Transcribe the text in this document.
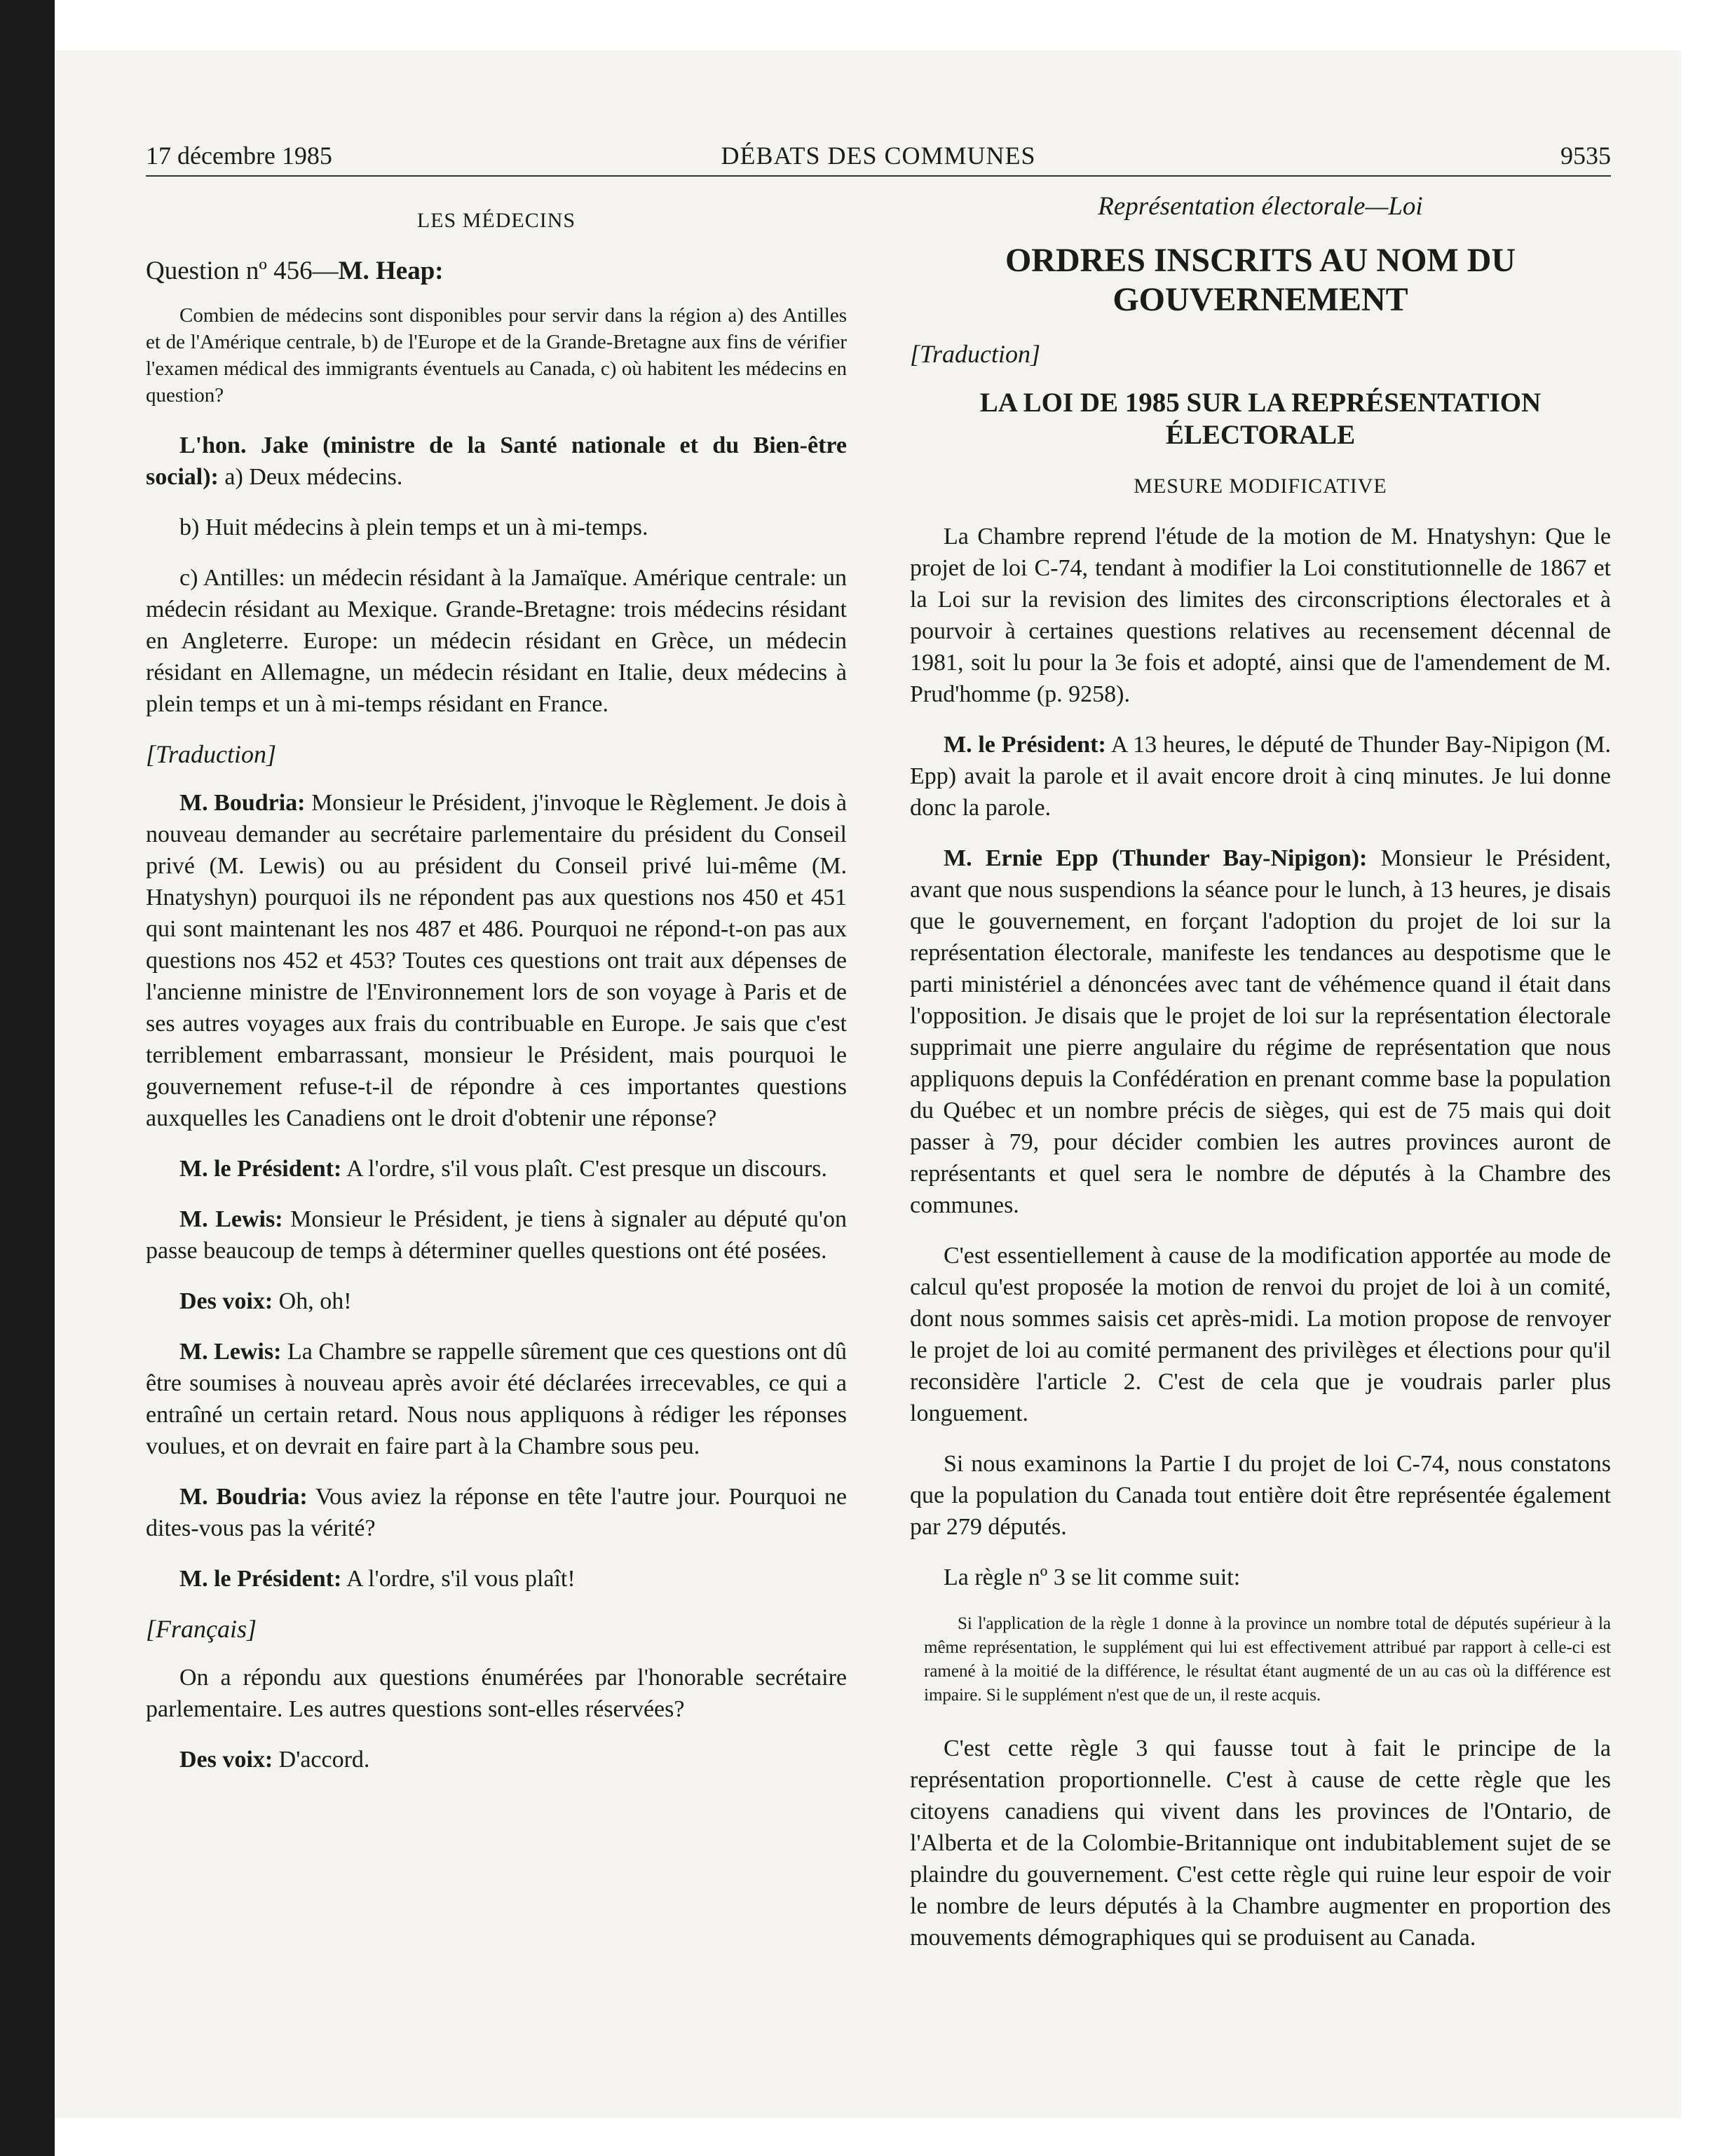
17 décembre 1985	DÉBATS DES COMMUNES	9535

LES MÉDECINS

Question nº 456—M. Heap:

Combien de médecins sont disponibles pour servir dans la région a) des Antilles et de l'Amérique centrale, b) de l'Europe et de la Grande-Bretagne aux fins de vérifier l'examen médical des immigrants éventuels au Canada, c) où habitent les médecins en question?

L'hon. Jake (ministre de la Santé nationale et du Bien-être social): a) Deux médecins.

b) Huit médecins à plein temps et un à mi-temps.

c) Antilles: un médecin résidant à la Jamaïque. Amérique centrale: un médecin résidant au Mexique. Grande-Bretagne: trois médecins résidant en Angleterre. Europe: un médecin résidant en Grèce, un médecin résidant en Allemagne, un médecin résidant en Italie, deux médecins à plein temps et un à mi-temps résidant en France.

[Traduction]

M. Boudria: Monsieur le Président, j'invoque le Règlement. Je dois à nouveau demander au secrétaire parlementaire du président du Conseil privé (M. Lewis) ou au président du Conseil privé lui-même (M. Hnatyshyn) pourquoi ils ne répondent pas aux questions nos 450 et 451 qui sont maintenant les nos 487 et 486. Pourquoi ne répond-t-on pas aux questions nos 452 et 453? Toutes ces questions ont trait aux dépenses de l'ancienne ministre de l'Environnement lors de son voyage à Paris et de ses autres voyages aux frais du contribuable en Europe. Je sais que c'est terriblement embarrassant, monsieur le Président, mais pourquoi le gouvernement refuse-t-il de répondre à ces importantes questions auxquelles les Canadiens ont le droit d'obtenir une réponse?

M. le Président: A l'ordre, s'il vous plaît. C'est presque un discours.

M. Lewis: Monsieur le Président, je tiens à signaler au député qu'on passe beaucoup de temps à déterminer quelles questions ont été posées.

Des voix: Oh, oh!

M. Lewis: La Chambre se rappelle sûrement que ces questions ont dû être soumises à nouveau après avoir été déclarées irrecevables, ce qui a entraîné un certain retard. Nous nous appliquons à rédiger les réponses voulues, et on devrait en faire part à la Chambre sous peu.

M. Boudria: Vous aviez la réponse en tête l'autre jour. Pourquoi ne dites-vous pas la vérité?

M. le Président: A l'ordre, s'il vous plaît!

[Français]

On a répondu aux questions énumérées par l'honorable secrétaire parlementaire. Les autres questions sont-elles réservées?

Des voix: D'accord.

Représentation électorale—Loi

ORDRES INSCRITS AU NOM DU GOUVERNEMENT

[Traduction]

LA LOI DE 1985 SUR LA REPRÉSENTATION ÉLECTORALE

MESURE MODIFICATIVE

La Chambre reprend l'étude de la motion de M. Hnatyshyn: Que le projet de loi C-74, tendant à modifier la Loi constitutionnelle de 1867 et la Loi sur la revision des limites des circonscriptions électorales et à pourvoir à certaines questions relatives au recensement décennal de 1981, soit lu pour la 3e fois et adopté, ainsi que de l'amendement de M. Prud'homme (p. 9258).

M. le Président: A 13 heures, le député de Thunder Bay-Nipigon (M. Epp) avait la parole et il avait encore droit à cinq minutes. Je lui donne donc la parole.

M. Ernie Epp (Thunder Bay-Nipigon): Monsieur le Président, avant que nous suspendions la séance pour le lunch, à 13 heures, je disais que le gouvernement, en forçant l'adoption du projet de loi sur la représentation électorale, manifeste les tendances au despotisme que le parti ministériel a dénoncées avec tant de véhémence quand il était dans l'opposition. Je disais que le projet de loi sur la représentation électorale supprimait une pierre angulaire du régime de représentation que nous appliquons depuis la Confédération en prenant comme base la population du Québec et un nombre précis de sièges, qui est de 75 mais qui doit passer à 79, pour décider combien les autres provinces auront de représentants et quel sera le nombre de députés à la Chambre des communes.

C'est essentiellement à cause de la modification apportée au mode de calcul qu'est proposée la motion de renvoi du projet de loi à un comité, dont nous sommes saisis cet après-midi. La motion propose de renvoyer le projet de loi au comité permanent des privilèges et élections pour qu'il reconsidère l'article 2. C'est de cela que je voudrais parler plus longuement.

Si nous examinons la Partie I du projet de loi C-74, nous constatons que la population du Canada tout entière doit être représentée également par 279 députés.

La règle nº 3 se lit comme suit:

Si l'application de la règle 1 donne à la province un nombre total de députés supérieur à la même représentation, le supplément qui lui est effectivement attribué par rapport à celle-ci est ramené à la moitié de la différence, le résultat étant augmenté de un au cas où la différence est impaire. Si le supplément n'est que de un, il reste acquis.

C'est cette règle 3 qui fausse tout à fait le principe de la représentation proportionnelle. C'est à cause de cette règle que les citoyens canadiens qui vivent dans les provinces de l'Ontario, de l'Alberta et de la Colombie-Britannique ont indubitablement sujet de se plaindre du gouvernement. C'est cette règle qui ruine leur espoir de voir le nombre de leurs députés à la Chambre augmenter en proportion des mouvements démographiques qui se produisent au Canada.
